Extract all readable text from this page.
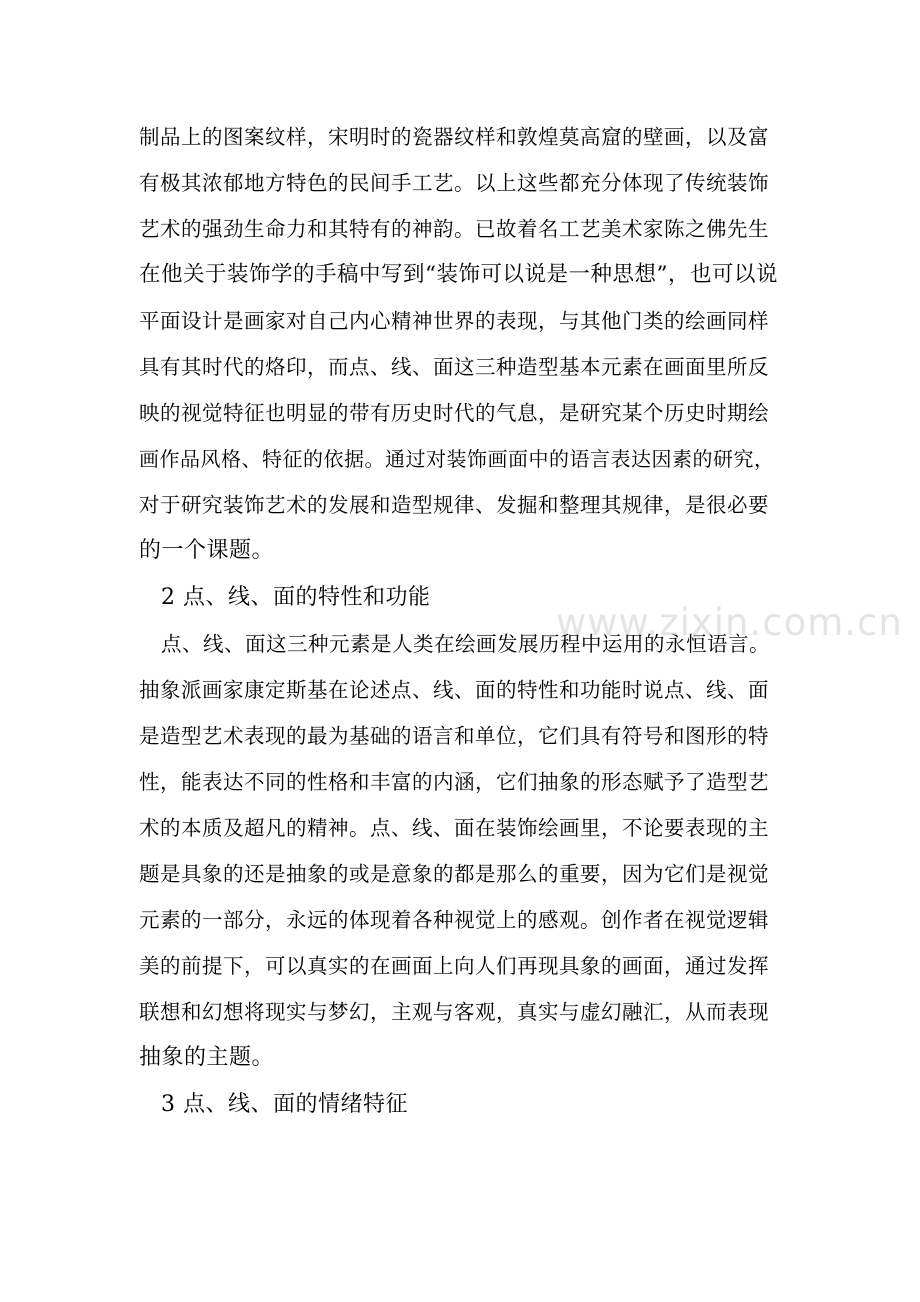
制品上的图案纹样，宋明时的瓷器纹样和敦煌莫高窟的壁画，以及富
有极其浓郁地方特色的民间手工艺。以上这些都充分体现了传统装饰
艺术的强劲生命力和其特有的神韵。已故着名工艺美术家陈之佛先生
在他关于装饰学的手稿中写到“装饰可以说是一种思想”，也可以说
平面设计是画家对自己内心精神世界的表现，与其他门类的绘画同样
具有其时代的烙印，而点、线、面这三种造型基本元素在画面里所反
映的视觉特征也明显的带有历史时代的气息，是研究某个历史时期绘
画作品风格、特征的依据。通过对装饰画面中的语言表达因素的研究，
对于研究装饰艺术的发展和造型规律、发掘和整理其规律，是很必要
的一个课题。
2 点、线、面的特性和功能
点、线、面这三种元素是人类在绘画发展历程中运用的永恒语言。
抽象派画家康定斯基在论述点、线、面的特性和功能时说点、线、面
是造型艺术表现的最为基础的语言和单位，它们具有符号和图形的特
性，能表达不同的性格和丰富的内涵，它们抽象的形态赋予了造型艺
术的本质及超凡的精神。点、线、面在装饰绘画里，不论要表现的主
题是具象的还是抽象的或是意象的都是那么的重要，因为它们是视觉
元素的一部分，永远的体现着各种视觉上的感观。创作者在视觉逻辑
美的前提下，可以真实的在画面上向人们再现具象的画面，通过发挥
联想和幻想将现实与梦幻，主观与客观，真实与虚幻融汇，从而表现
抽象的主题。
3 点、线、面的情绪特征
www.zixin.com.cn
